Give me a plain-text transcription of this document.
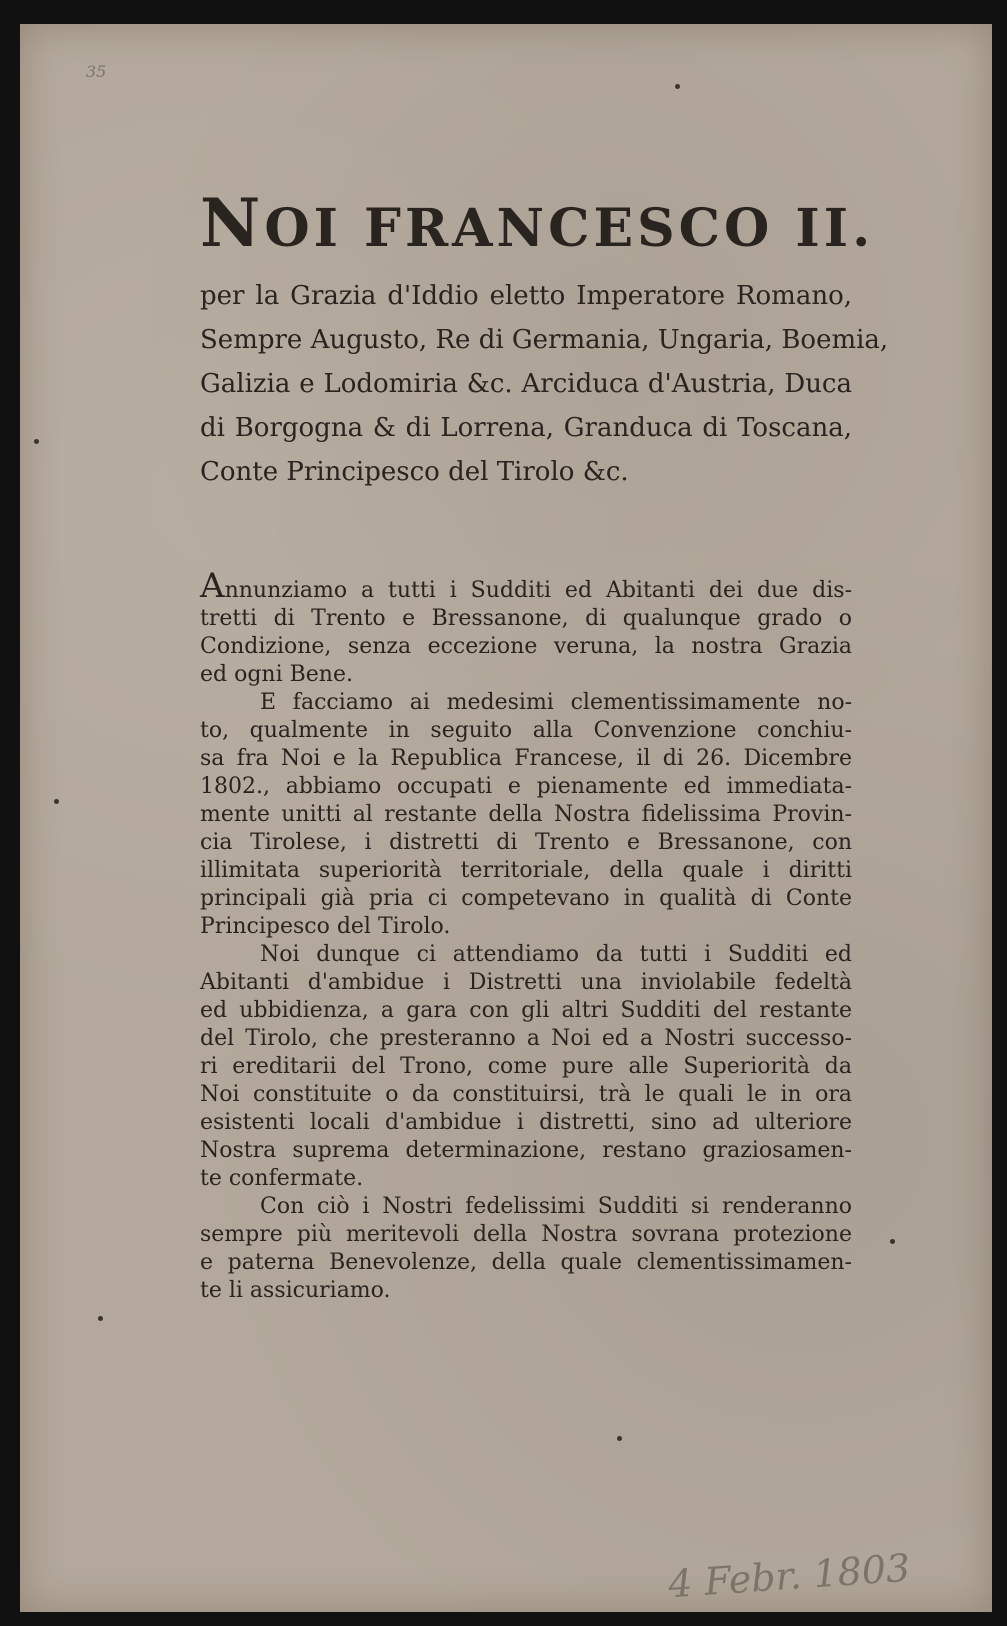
35
NOI FRANCESCO II.

per la Grazia d'Iddio eletto Imperatore Romano,

Sempre Augusto, Re di Germania, Ungaria, Boemia,

Galizia e Lodomiria &c. Arciduca d'Austria, Duca

di Borgogna & di Lorrena, Granduca di Toscana,

Conte Principesco del Tirolo &c.

Annunziamo a tutti i Sudditi ed Abitanti dei due dis-

tretti di Trento e Bressanone, di qualunque grado o

Condizione, senza eccezione veruna, la nostra Grazia

ed ogni Bene.

E facciamo ai medesimi clementissimamente no-

to, qualmente in seguito alla Convenzione conchiu-

sa fra Noi e la Republica Francese, il di 26. Dicembre

1802., abbiamo occupati e pienamente ed immediata-

mente unitti al restante della Nostra fidelissima Provin-

cia Tirolese, i distretti di Trento e Bressanone, con

illimitata superiorità territoriale, della quale i diritti

principali già pria ci competevano in qualità di Conte

Principesco del Tirolo.

Noi dunque ci attendiamo da tutti i Sudditi ed

Abitanti d'ambidue i Distretti una inviolabile fedeltà

ed ubbidienza, a gara con gli altri Sudditi del restante

del Tirolo, che presteranno a Noi ed a Nostri successo-

ri ereditarii del Trono, come pure alle Superiorità da

Noi constituite o da constituirsi, trà le quali le in ora

esistenti locali d'ambidue i distretti, sino ad ulteriore

Nostra suprema determinazione, restano graziosamen-

te confermate.

Con ciò i Nostri fedelissimi Sudditi si renderanno

sempre più meritevoli della Nostra sovrana protezione

e paterna Benevolenze, della quale clementissimamen-

te li assicuriamo.

4 Febr. 1803
